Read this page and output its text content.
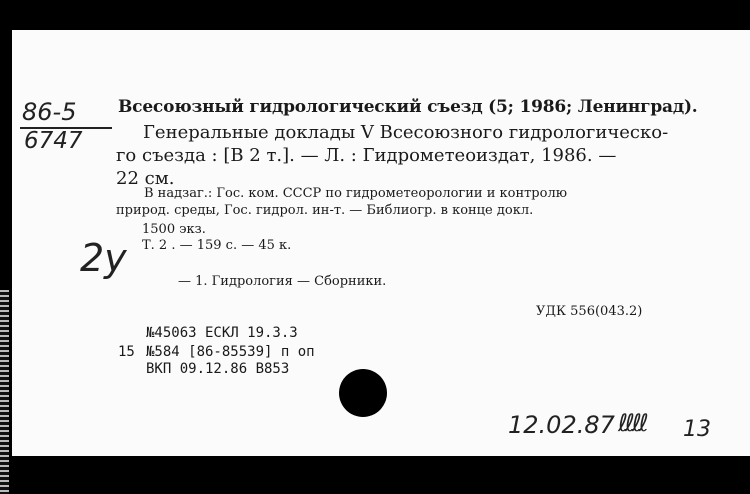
86-5
6747
Всесоюзный гидрологический съезд (5; 1986; Ленинград).
Генеральные доклады V Всесоюзного гидрологическо-
го съезда : [В 2 т.]. — Л. : Гидрометеоиздат, 1986. —
22 см.
В надзаг.: Гос. ком. СССР по гидрометеорологии и контролю
природ. среды, Гос. гидрол. ин-т. — Библиогр. в конце докл.
1500 экз.
Т. 2 . — 159 с. — 45 к.
2y
— 1. Гидрология — Сборники.
УДК 556(043.2)
№45063 ЕСКЛ 19.3.3
15 №584 [86-85539] п оп
ВКП 09.12.86 В853
12.02.87 ℓℓℓℓ 13
